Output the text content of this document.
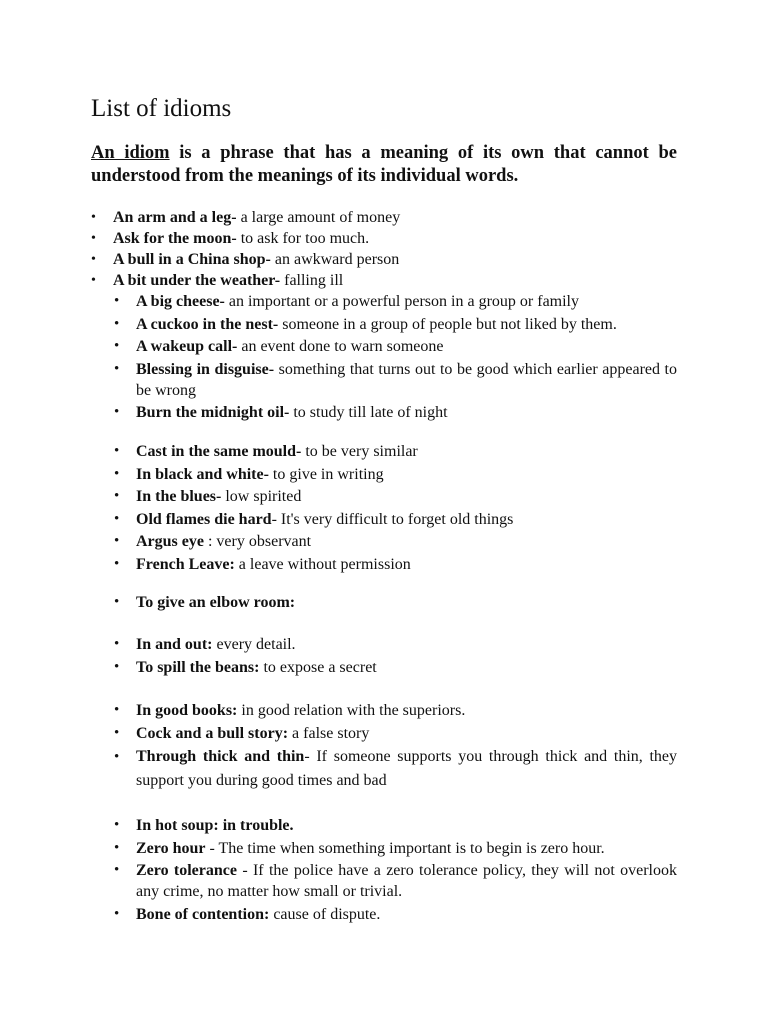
List of idioms

An idiom is a phrase that has a meaning of its own that cannot be understood from the meanings of its individual words.

• An arm and a leg- a large amount of money
• Ask for the moon- to ask for too much.
• A bull in a China shop- an awkward person
• A bit under the weather- falling ill
• A big cheese- an important or a powerful person in a group or family
• A cuckoo in the nest- someone in a group of people but not liked by them.
• A wakeup call- an event done to warn someone
• Blessing in disguise- something that turns out to be good which earlier appeared to be wrong
• Burn the midnight oil- to study till late of night
• Cast in the same mould- to be very similar
• In black and white- to give in writing
• In the blues- low spirited
• Old flames die hard- It's very difficult to forget old things
• Argus eye : very observant
• French Leave: a leave without permission
• To give an elbow room:
• In and out: every detail.
• To spill the beans: to expose a secret
• In good books: in good relation with the superiors.
• Cock and a bull story: a false story
• Through thick and thin- If someone supports you through thick and thin, they support you during good times and bad
• In hot soup: in trouble.
• Zero hour - The time when something important is to begin is zero hour.
• Zero tolerance - If the police have a zero tolerance policy, they will not overlook any crime, no matter how small or trivial.
• Bone of contention: cause of dispute.
